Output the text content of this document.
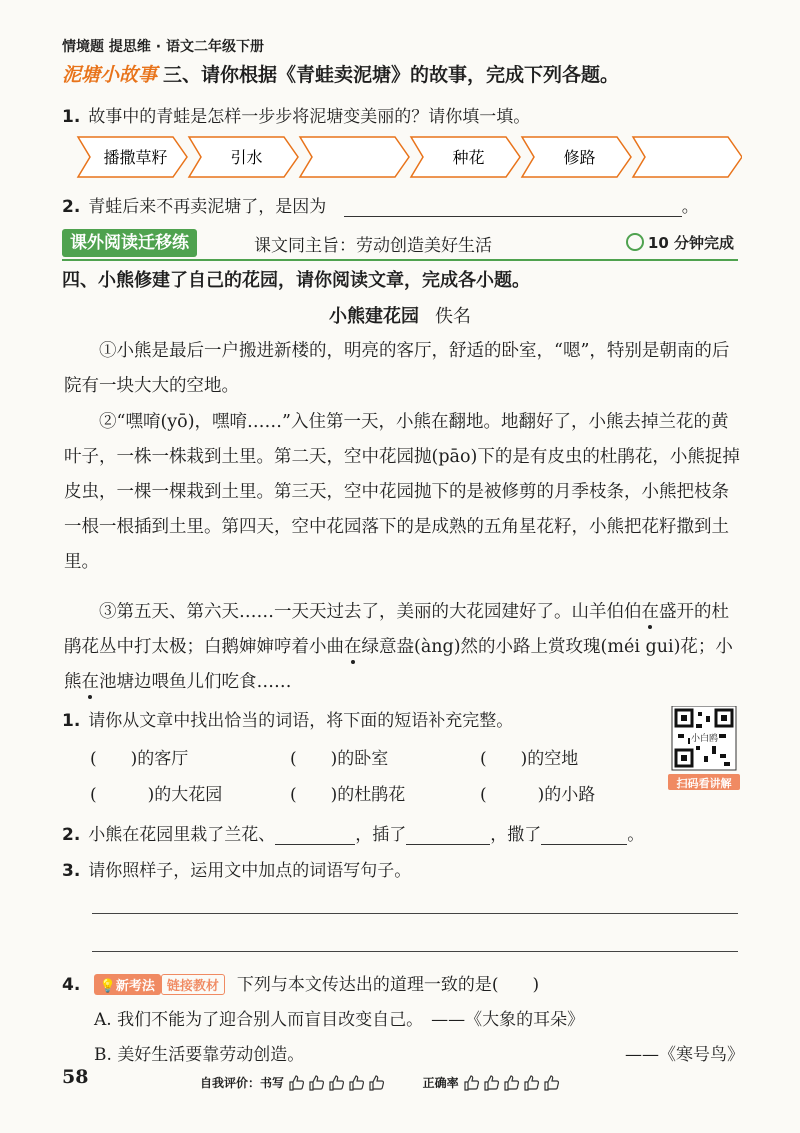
情境题 提思维 · 语文二年级下册
泥塘小故事 三、请你根据《青蛙卖泥塘》的故事，完成下列各题。
1. 故事中的青蛙是怎样一步步将泥塘变美丽的？请你填一填。
播撒草籽	引水	种花	修路
2. 青蛙后来不再卖泥塘了，是因为	。
课外阅读迁移练	课文同主旨：劳动创造美好生活	10 分钟完成
四、小熊修建了自己的花园，请你阅读文章，完成各小题。
小熊建花园 佚名
①小熊是最后一户搬进新楼的，明亮的客厅，舒适的卧室，“嗯”，特别是朝南的后院有一块大大的空地。
②“嘿唷(yō)，嘿唷……”入住第一天，小熊在翻地。地翻好了，小熊去掉兰花的黄叶子，一株一株栽到土里。第二天，空中花园抛(pāo)下的是有皮虫的杜鹃花，小熊捉掉皮虫，一棵一棵栽到土里。第三天，空中花园抛下的是被修剪的月季枝条，小熊把枝条一根一根插到土里。第四天，空中花园落下的是成熟的五角星花籽，小熊把花籽撒到土里。
③第五天、第六天……一天天过去了，美丽的大花园建好了。山羊伯伯在盛开的杜鹃花丛中打太极；白鹅婶婶哼着小曲在绿意盎(àng)然的小路上赏玫瑰(méi gui)花；小熊在池塘边喂鱼儿们吃食……
1. 请你从文章中找出恰当的词语，将下面的短语补充完整。
(　　)的客厅	(　　)的卧室	(　　)的空地
(　　　)的大花园	(　　)的杜鹃花	(　　　)的小路
小白鸥
扫码看讲解
2. 小熊在花园里栽了兰花、	，插了	，撒了	。
3. 请你照样子，运用文中加点的词语写句子。
4. 💡新考法 链接教材 下列与本文传达出的道理一致的是(　　)
A. 我们不能为了迎合别人而盲目改变自己。 ——《大象的耳朵》
B. 美好生活要靠劳动创造。	——《寒号鸟》
58	自我评价：书写	正确率
